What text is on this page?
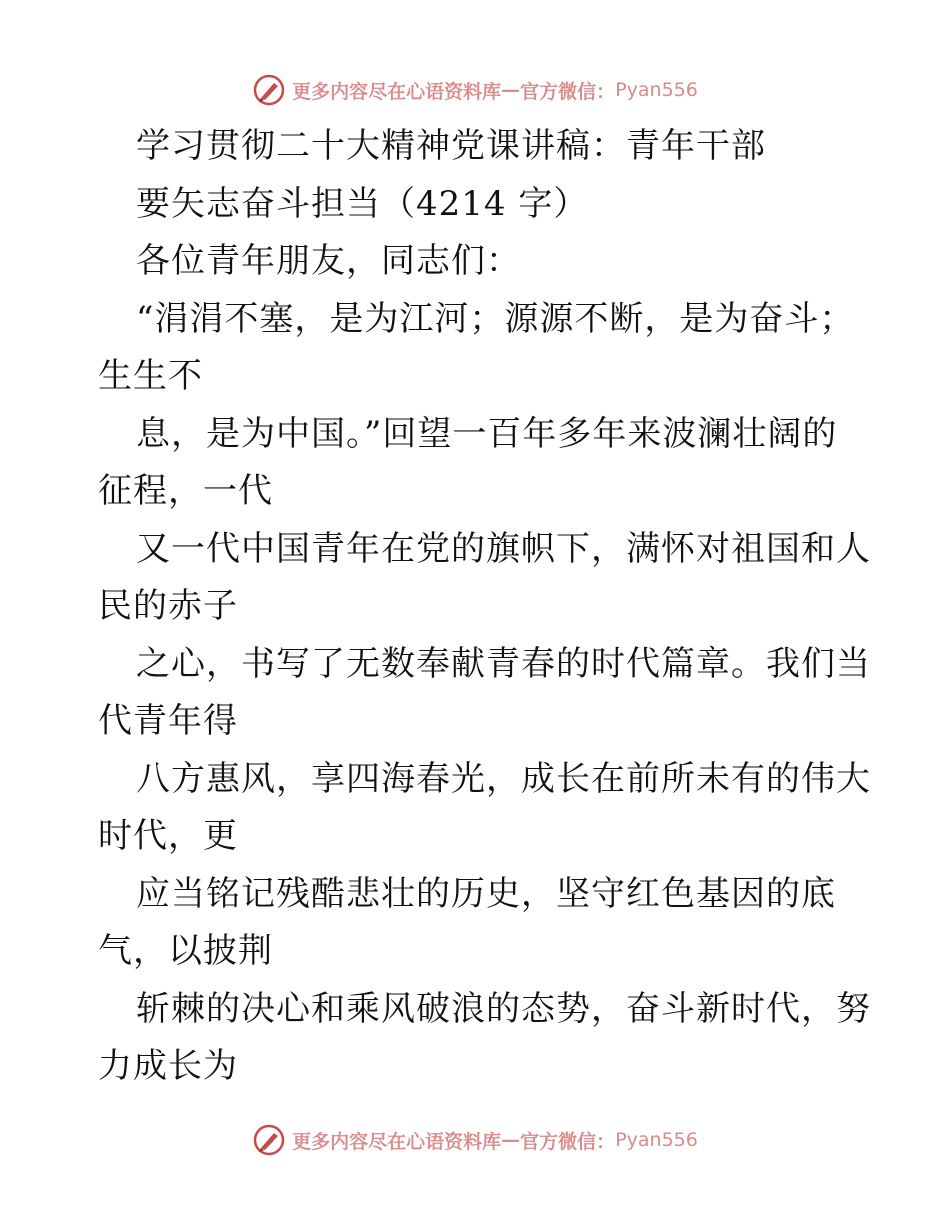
更多内容尽在心语资料库 — 官方微信： Pyan556
学习贯彻二十大精神党课讲稿：青年干部
要矢志奋斗担当（4214 字）
各位青年朋友，同志们：
“涓涓不塞，是为江河；源源不断，是为奋斗；
生生不
息，是为中国。”回望一百年多年来波澜壮阔的
征程，一代
又一代中国青年在党的旗帜下，满怀对祖国和人
民的赤子
之心，书写了无数奉献青春的时代篇章。我们当
代青年得
八方惠风，享四海春光，成长在前所未有的伟大
时代，更
应当铭记残酷悲壮的历史，坚守红色基因的底
气，以披荆
斩棘的决心和乘风破浪的态势，奋斗新时代，努
力成长为
更多内容尽在心语资料库 — 官方微信： Pyan556
